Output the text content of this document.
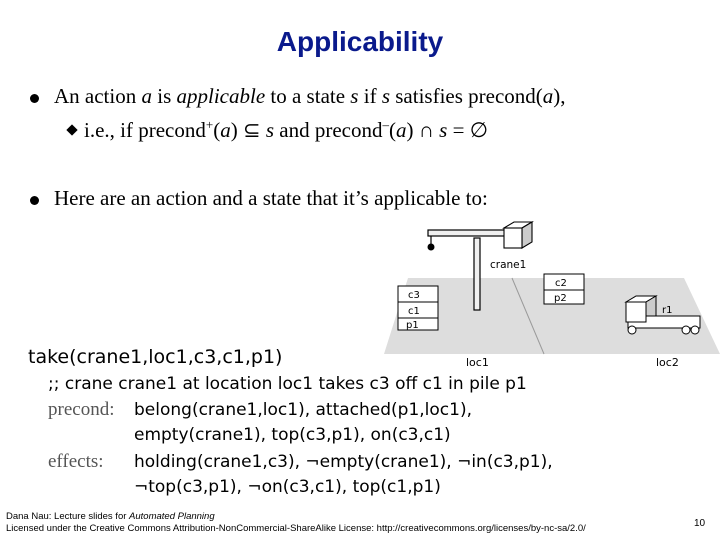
Applicability
An action a is applicable to a state s if s satisfies precond(a),
i.e., if precond+(a) ⊆ s and precond–(a) ∩ s = ∅
Here are an action and a state that it’s applicable to:
crane1
c3
c1
p1
c2
p2
r1
loc1	loc2
take(crane1,loc1,c3,c1,p1)
;; crane crane1 at location loc1 takes c3 off c1 in pile p1
precond: belong(crane1,loc1), attached(p1,loc1),
empty(crane1), top(c3,p1), on(c3,c1)
effects: holding(crane1,c3), ¬empty(crane1), ¬in(c3,p1),
¬top(c3,p1), ¬on(c3,c1), top(c1,p1)
Dana Nau: Lecture slides for Automated Planning
Licensed under the Creative Commons Attribution-NonCommercial-ShareAlike License: http://creativecommons.org/licenses/by-nc-sa/2.0/	10
